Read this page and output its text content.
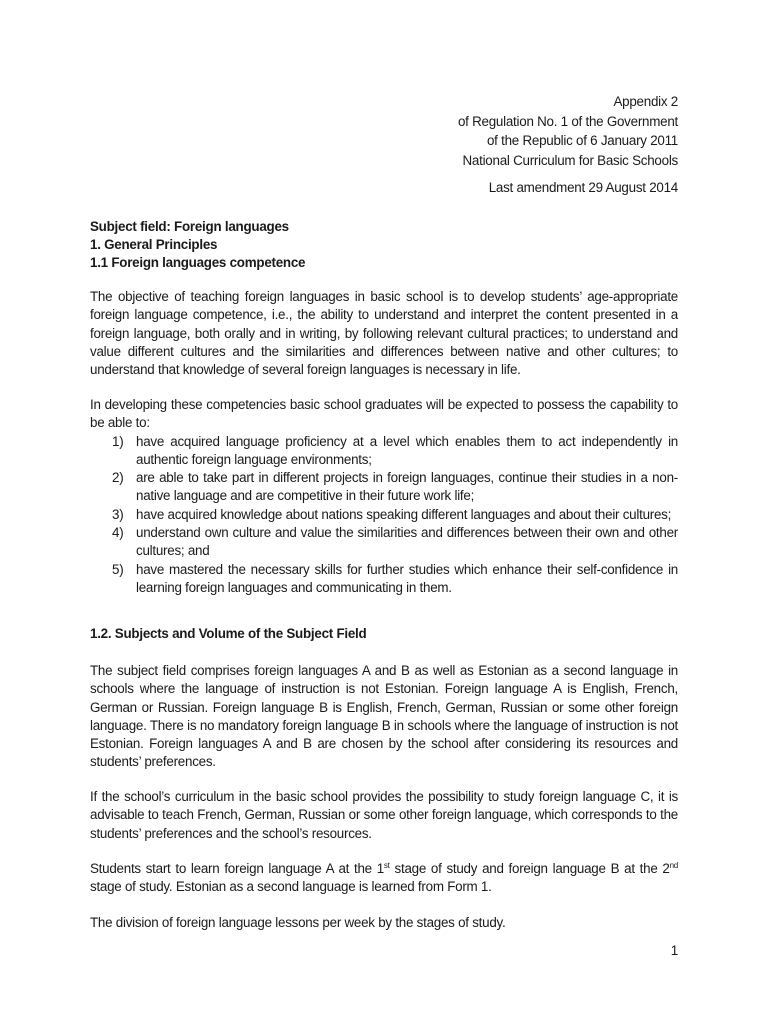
Appendix 2
of Regulation No. 1 of the Government
of the Republic of 6 January 2011
National Curriculum for Basic Schools
Last amendment 29 August 2014
Subject field: Foreign languages
1. General Principles
1.1 Foreign languages competence

The objective of teaching foreign languages in basic school is to develop students’ age-appropriate foreign language competence, i.e., the ability to understand and interpret the content presented in a foreign language, both orally and in writing, by following relevant cultural practices; to understand and value different cultures and the similarities and differences between native and other cultures; to understand that knowledge of several foreign languages is necessary in life.

In developing these competencies basic school graduates will be expected to possess the capability to be able to:

1) have acquired language proficiency at a level which enables them to act independently in authentic foreign language environments;
2) are able to take part in different projects in foreign languages, continue their studies in a non-native language and are competitive in their future work life;
3) have acquired knowledge about nations speaking different languages and about their cultures;
4) understand own culture and value the similarities and differences between their own and other cultures; and
5) have mastered the necessary skills for further studies which enhance their self-confidence in learning foreign languages and communicating in them.
1.2. Subjects and Volume of the Subject Field

The subject field comprises foreign languages A and B as well as Estonian as a second language in schools where the language of instruction is not Estonian. Foreign language A is English, French, German or Russian. Foreign language B is English, French, German, Russian or some other foreign language. There is no mandatory foreign language B in schools where the language of instruction is not Estonian. Foreign languages A and B are chosen by the school after considering its resources and students’ preferences.

If the school’s curriculum in the basic school provides the possibility to study foreign language C, it is advisable to teach French, German, Russian or some other foreign language, which corresponds to the students’ preferences and the school’s resources.

Students start to learn foreign language A at the 1st stage of study and foreign language B at the 2nd stage of study. Estonian as a second language is learned from Form 1.

The division of foreign language lessons per week by the stages of study.
1
